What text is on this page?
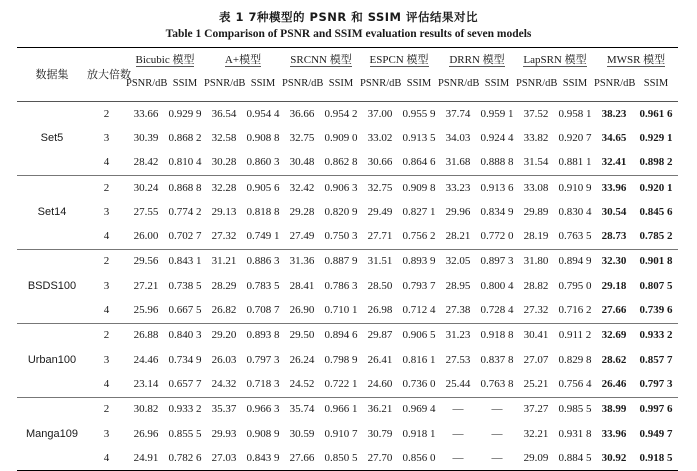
表 1 7种模型的 PSNR 和 SSIM 评估结果对比
Table 1 Comparison of PSNR and SSIM evaluation results of seven models
数据集	放大倍数	Bicubic 模型		A+模型		SRCNN 模型		ESPCN 模型		DRRN 模型		LapSRN 模型		MWSR 模型	
		PSNR/dB	SSIM	PSNR/dB	SSIM	PSNR/dB	SSIM	PSNR/dB	SSIM	PSNR/dB	SSIM	PSNR/dB	SSIM	PSNR/dB	SSIM
Set5	2	33.66	0.929 9	36.54	0.954 4	36.66	0.954 2	37.00	0.955 9	37.74	0.959 1	37.52	0.958 1	38.23	0.961 6
	3	30.39	0.868 2	32.58	0.908 8	32.75	0.909 0	33.02	0.913 5	34.03	0.924 4	33.82	0.920 7	34.65	0.929 1
	4	28.42	0.810 4	30.28	0.860 3	30.48	0.862 8	30.66	0.864 6	31.68	0.888 8	31.54	0.881 1	32.41	0.898 2
Set14	2	30.24	0.868 8	32.28	0.905 6	32.42	0.906 3	32.75	0.909 8	33.23	0.913 6	33.08	0.910 9	33.96	0.920 1
	3	27.55	0.774 2	29.13	0.818 8	29.28	0.820 9	29.49	0.827 1	29.96	0.834 9	29.89	0.830 4	30.54	0.845 6
	4	26.00	0.702 7	27.32	0.749 1	27.49	0.750 3	27.71	0.756 2	28.21	0.772 0	28.19	0.763 5	28.73	0.785 2
BSDS100	2	29.56	0.843 1	31.21	0.886 3	31.36	0.887 9	31.51	0.893 9	32.05	0.897 3	31.80	0.894 9	32.30	0.901 8
	3	27.21	0.738 5	28.29	0.783 5	28.41	0.786 3	28.50	0.793 7	28.95	0.800 4	28.82	0.795 0	29.18	0.807 5
	4	25.96	0.667 5	26.82	0.708 7	26.90	0.710 1	26.98	0.712 4	27.38	0.728 4	27.32	0.716 2	27.66	0.739 6
Urban100	2	26.88	0.840 3	29.20	0.893 8	29.50	0.894 6	29.87	0.906 5	31.23	0.918 8	30.41	0.911 2	32.69	0.933 2
	3	24.46	0.734 9	26.03	0.797 3	26.24	0.798 9	26.41	0.816 1	27.53	0.837 8	27.07	0.829 8	28.62	0.857 7
	4	23.14	0.657 7	24.32	0.718 3	24.52	0.722 1	24.60	0.736 0	25.44	0.763 8	25.21	0.756 4	26.46	0.797 3
Manga109	2	30.82	0.933 2	35.37	0.966 3	35.74	0.966 1	36.21	0.969 4	—	—	37.27	0.985 5	38.99	0.997 6
	3	26.96	0.855 5	29.93	0.908 9	30.59	0.910 7	30.79	0.918 1	—	—	32.21	0.931 8	33.96	0.949 7
	4	24.91	0.782 6	27.03	0.843 9	27.66	0.850 5	27.70	0.856 0	—	—	29.09	0.884 5	30.92	0.918 5
